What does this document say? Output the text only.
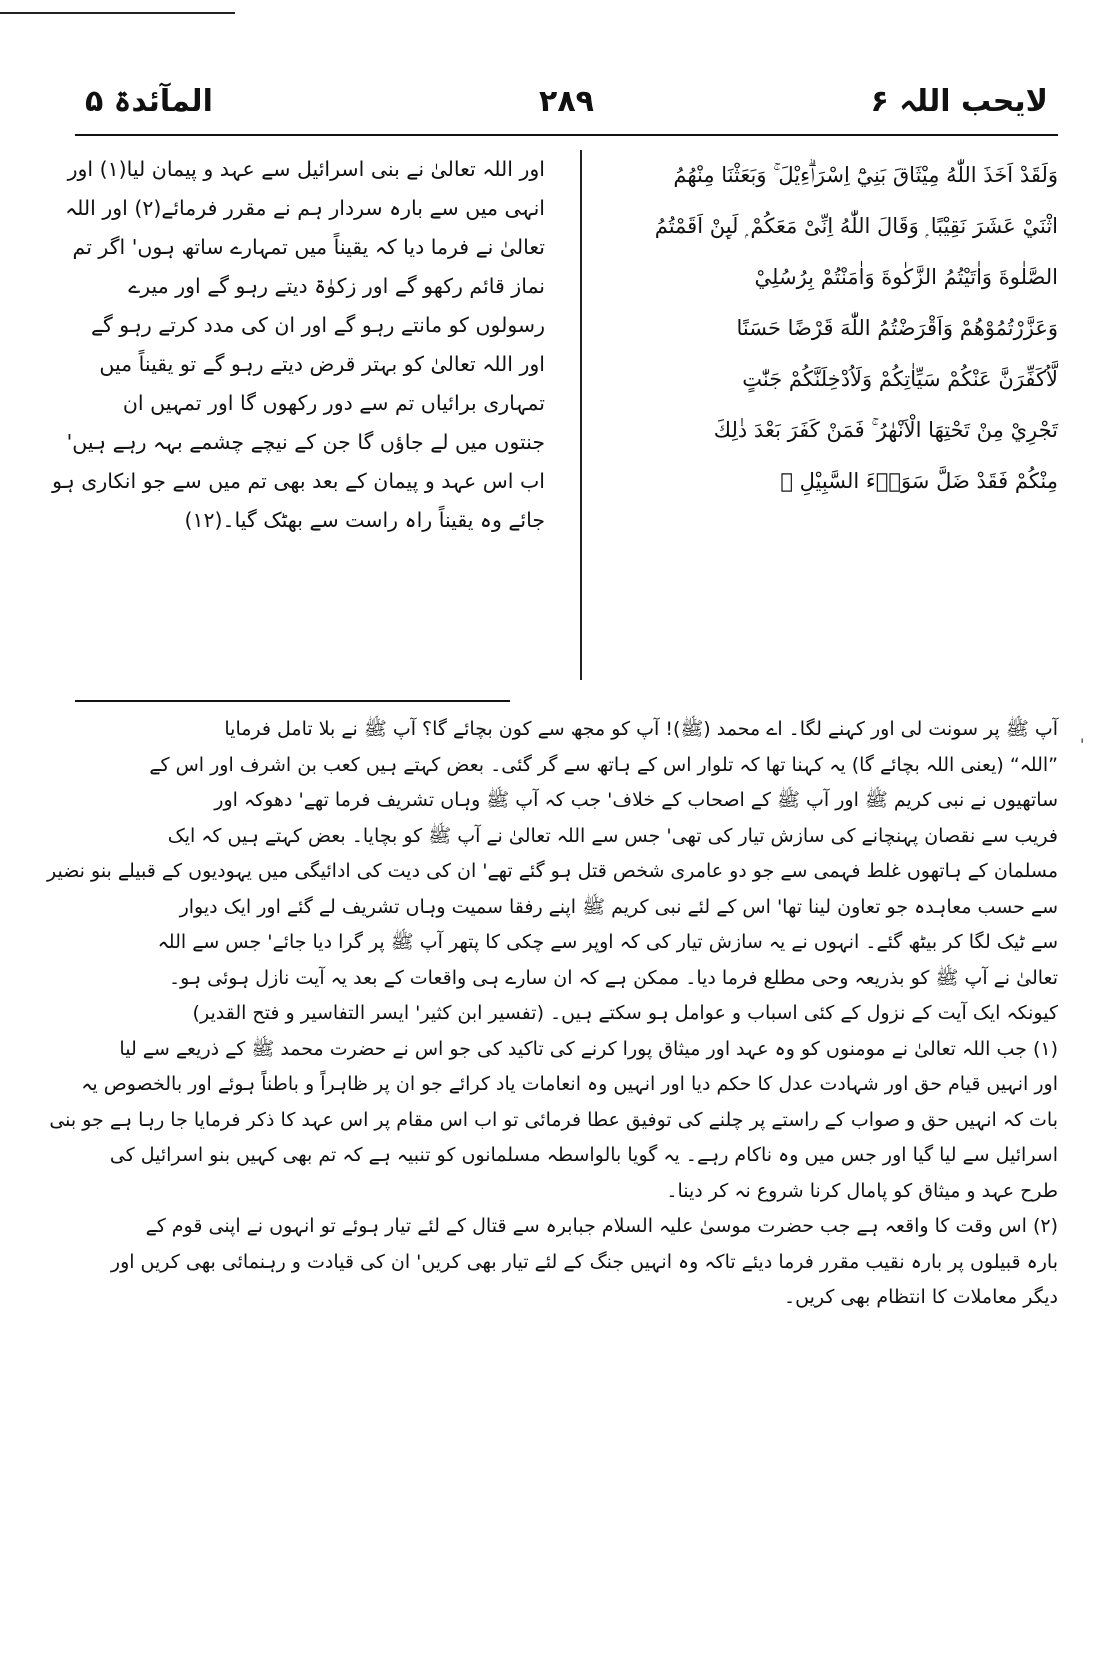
المآئدۃ ۵	۲۸۹	لایحب اللہ ۶
وَلَقَدْ اَخَذَ اللّٰهُ مِيْثَاقَ بَنِيْٓ اِسْرَاۗءِيْلَ ۚ وَبَعَثْنَا مِنْهُمُ
اثْنَيْ عَشَرَ نَقِيْبًا ۭ وَقَالَ اللّٰهُ اِنِّىْ مَعَكُمْ ۭ لَىِٕنْ اَقَمْتُمُ
الصَّلٰوةَ وَاٰتَيْتُمُ الزَّكٰوةَ وَاٰمَنْتُمْ بِرُسُلِيْ
وَعَزَّرْتُمُوْهُمْ وَاَقْرَضْتُمُ اللّٰهَ قَرْضًا حَسَنًا
لَّاُكَفِّرَنَّ عَنْكُمْ سَيِّاٰتِكُمْ وَلَاُدْخِلَنَّكُمْ جَنّٰتٍ
تَجْرِيْ مِنْ تَحْتِهَا الْاَنْهٰرُ ۚ فَمَنْ كَفَرَ بَعْدَ ذٰلِكَ
مِنْكُمْ فَقَدْ ضَلَّ سَوَاۗءَ السَّبِيْلِ ⑫
اور اللہ تعالیٰ نے بنی اسرائیل سے عہد و پیمان لیا(۱) اور
انہی میں سے بارہ سردار ہم نے مقرر فرمائے(۲) اور اللہ
تعالیٰ نے فرما دیا کہ یقیناً میں تمہارے ساتھ ہوں' اگر تم
نماز قائم رکھو گے اور زکوٰۃ دیتے رہو گے اور میرے
رسولوں کو مانتے رہو گے اور ان کی مدد کرتے رہو گے
اور اللہ تعالیٰ کو بہتر قرض دیتے رہو گے تو یقیناً میں
تمہاری برائیاں تم سے دور رکھوں گا اور تمہیں ان
جنتوں میں لے جاؤں گا جن کے نیچے چشمے بہہ رہے ہیں'
اب اس عہد و پیمان کے بعد بھی تم میں سے جو انکاری ہو
جائے وہ یقیناً راہ راست سے بھٹک گیا۔(۱۲)
آپ ﷺ پر سونت لی اور کہنے لگا۔ اے محمد (ﷺ)! آپ کو مجھ سے کون بچائے گا؟ آپ ﷺ نے بلا تامل فرمایا
”اللہ“ (یعنی اللہ بچائے گا) یہ کہنا تھا کہ تلوار اس کے ہاتھ سے گر گئی۔ بعض کہتے ہیں کعب بن اشرف اور اس کے
ساتھیوں نے نبی کریم ﷺ اور آپ ﷺ کے اصحاب کے خلاف' جب کہ آپ ﷺ وہاں تشریف فرما تھے' دھوکہ اور
فریب سے نقصان پہنچانے کی سازش تیار کی تھی' جس سے اللہ تعالیٰ نے آپ ﷺ کو بچایا۔ بعض کہتے ہیں کہ ایک
مسلمان کے ہاتھوں غلط فہمی سے جو دو عامری شخص قتل ہو گئے تھے' ان کی دیت کی ادائیگی میں یہودیوں کے قبیلے بنو نضیر
سے حسب معاہدہ جو تعاون لینا تھا' اس کے لئے نبی کریم ﷺ اپنے رفقا سمیت وہاں تشریف لے گئے اور ایک دیوار
سے ٹیک لگا کر بیٹھ گئے۔ انہوں نے یہ سازش تیار کی کہ اوپر سے چکی کا پتھر آپ ﷺ پر گرا دیا جائے' جس سے اللہ
تعالیٰ نے آپ ﷺ کو بذریعہ وحی مطلع فرما دیا۔ ممکن ہے کہ ان سارے ہی واقعات کے بعد یہ آیت نازل ہوئی ہو۔
کیونکہ ایک آیت کے نزول کے کئی اسباب و عوامل ہو سکتے ہیں۔ (تفسیر ابن کثیر' ایسر التفاسیر و فتح القدیر)
(۱) جب اللہ تعالیٰ نے مومنوں کو وہ عہد اور میثاق پورا کرنے کی تاکید کی جو اس نے حضرت محمد ﷺ کے ذریعے سے لیا
اور انہیں قیام حق اور شہادت عدل کا حکم دیا اور انہیں وہ انعامات یاد کرائے جو ان پر ظاہراً و باطناً ہوئے اور بالخصوص یہ
بات کہ انہیں حق و صواب کے راستے پر چلنے کی توفیق عطا فرمائی تو اب اس مقام پر اس عہد کا ذکر فرمایا جا رہا ہے جو بنی
اسرائیل سے لیا گیا اور جس میں وہ ناکام رہے۔ یہ گویا بالواسطہ مسلمانوں کو تنبیہ ہے کہ تم بھی کہیں بنو اسرائیل کی
طرح عہد و میثاق کو پامال کرنا شروع نہ کر دینا۔
(۲) اس وقت کا واقعہ ہے جب حضرت موسیٰ علیہ السلام جبابرہ سے قتال کے لئے تیار ہوئے تو انہوں نے اپنی قوم کے
بارہ قبیلوں پر بارہ نقیب مقرر فرما دیئے تاکہ وہ انہیں جنگ کے لئے تیار بھی کریں' ان کی قیادت و رہنمائی بھی کریں اور
دیگر معاملات کا انتظام بھی کریں۔
'
